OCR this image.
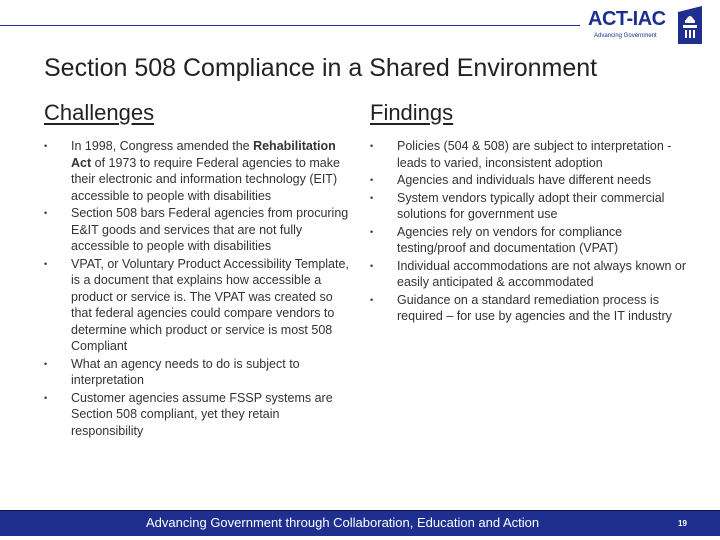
ACT-IAC
Advancing Government
Section 508 Compliance in a Shared Environment
Challenges
• In 1998, Congress amended the Rehabilitation Act of 1973 to require Federal agencies to make their electronic and information technology (EIT) accessible to people with disabilities
• Section 508 bars Federal agencies from procuring E&IT goods and services that are not fully accessible to people with disabilities
• VPAT, or Voluntary Product Accessibility Template, is a document that explains how accessible a product or service is. The VPAT was created so that federal agencies could compare vendors to determine which product or service is most 508 Compliant
• What an agency needs to do is subject to interpretation
• Customer agencies assume FSSP systems are Section 508 compliant, yet they retain responsibility
Findings
• Policies (504 & 508) are subject to interpretation - leads to varied, inconsistent adoption
• Agencies and individuals have different needs
• System vendors typically adopt their commercial solutions for government use
• Agencies rely on vendors for compliance testing/proof and documentation (VPAT)
• Individual accommodations are not always known or easily anticipated & accommodated
• Guidance on a standard remediation process is required – for use by agencies and the IT industry
Advancing Government through Collaboration, Education and Action	19
